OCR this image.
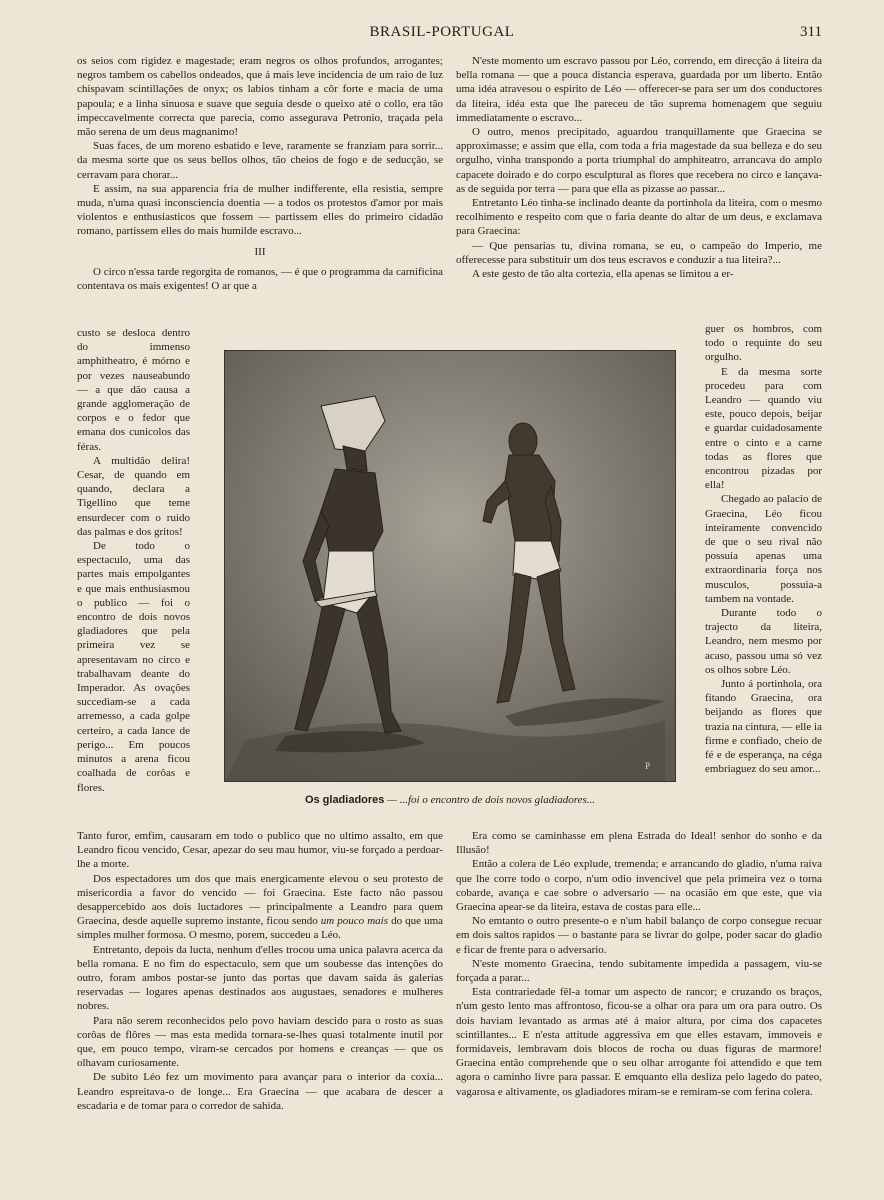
BRASIL-PORTUGAL	311

os seios com rigidez e magestade; eram negros os olhos profundos, arrogantes; negros tambem os cabellos ondeados, que á mais leve incidencia de um raio de luz chispavam scintillações de onyx; os labios tinham a côr forte e macia de uma papoula; e a linha sinuosa e suave que seguia desde o queixo até o collo, era tão impeccavelmente correcta que parecia, como assegurava Petronio, traçada pela mão serena de um deus magnanimo!

Suas faces, de um moreno esbatido e leve, raramente se franziam para sorrir... da mesma sorte que os seus bellos olhos, tão cheios de fogo e de seducção, se cerravam para chorar...

E assim, na sua apparencia fria de mulher indifferente, ella resistia, sempre muda, n'uma quasi inconsciencia doentia — a todos os protestos d'amor por mais violentos e enthusiasticos que fossem — partissem elles do primeiro cidadão romano, partissem elles do mais humilde escravo...

III

O circo n'essa tarde regorgita de romanos, — é que o programma da carnificina contentava os mais exigentes! O ar que a

custo se desloca dentro do immenso amphitheatro, é mórno e por vezes nauseabundo — a que dão causa a grande agglomeração de corpos e o fedor que emana dos cunicolos das féras.

A multidão delira! Cesar, de quando em quando, declara a Tigellino que teme ensurdecer com o ruido das palmas e dos gritos!

De todo o espectaculo, uma das partes mais empolgantes e que mais enthusiasmou o publico — foi o encontro de dois novos gladiadores que pela primeira vez se apresentavam no circo e trabalhavam deante do Imperador. As ovações succediam-se a cada arremesso, a cada golpe certeiro, a cada lance de perigo... Em poucos minutos a arena ficou coalhada de corôas e flores.

P
Os gladiadores — ...foi o encontro de dois novos gladiadores...

Tanto furor, emfim, causaram em todo o publico que no ultimo assalto, em que Leandro ficou vencido, Cesar, apezar do seu mau humor, viu-se forçado a perdoar-lhe a morte.

Dos espectadores um dos que mais energicamente elevou o seu protesto de misericordia a favor do vencido — foi Graecina. Este facto não passou desappercebido aos dois luctadores — principalmente a Leandro para quem Graecina, desde aquelle supremo instante, ficou sendo um pouco mais do que uma simples mulher formosa. O mesmo, porem, succedeu a Léo.

Entretanto, depois da lucta, nenhum d'elles trocou uma unica palavra acerca da bella romana. E no fim do espectaculo, sem que um soubesse das intenções do outro, foram ambos postar-se junto das portas que davam saida ás galerias reservadas — logares apenas destinados aos augustaes, senadores e mulheres nobres.

Para não serem reconhecidos pelo povo haviam descido para o rosto as suas corôas de flôres — mas esta medida tornara-se-lhes quasi totalmente inutil por que, em pouco tempo, viram-se cercados por homens e creanças — que os olhavam curiosamente.

De subito Léo fez um movimento para avançar para o interior da coxia... Leandro espreitava-o de longe... Era Graecina — que acabara de descer a escadaria e de tomar para o corredor de sahida.

N'este momento um escravo passou por Léo, correndo, em direcção á liteira da bella romana — que a pouca distancia esperava, guardada por um liberto. Então uma idéa atravesou o espirito de Léo — offerecer-se para ser um dos conductores da liteira, idéa esta que lhe pareceu de tão suprema homenagem que seguiu immediatamente o escravo...

O outro, menos precipitado, aguardou tranquillamente que Graecina se approximasse; e assim que ella, com toda a fria magestade da sua belleza e do seu orgulho, vinha transpondo a porta triumphal do amphiteatro, arrancava do amplo capacete doirado e do corpo esculptural as flores que recebera no circo e lançava-as de seguida por terra — para que ella as pizasse ao passar...

Entretanto Léo tinha-se inclinado deante da portinhola da liteira, com o mesmo recolhimento e respeito com que o faria deante do altar de um deus, e exclamava para Graecina:

— Que pensarias tu, divina romana, se eu, o campeão do Imperio, me offerecesse para substituir um dos teus escravos e conduzir a tua liteira?...

A este gesto de tão alta cortezia, ella apenas se limitou a er-

guer os hombros, com todo o requinte do seu orgulho.

E da mesma sorte procedeu para com Leandro — quando viu este, pouco depois, beijar e guardar cuidadosamente entre o cinto e a carne todas as flores que encontrou pizadas por ella!

Chegado ao palacio de Graecina, Léo ficou inteiramente convencido de que o seu rival não possuia apenas uma extraordinaria força nos musculos, possuia-a tambem na vontade.

Durante todo o trajecto da liteira, Leandro, nem mesmo por acaso, passou uma só vez os olhos sobre Léo.

Junto á portinhola, ora fitando Graecina, ora beijando as flores que trazia na cintura, — elle ia firme e confiado, cheio de fé e de esperança, na céga embriaguez do seu amor...

Era como se caminhasse em plena Estrada do Ideal! senhor do sonho e da Illusão!

Então a colera de Léo explude, tremenda; e arrancando do gladio, n'uma raiva que lhe corre todo o corpo, n'um odio invencivel que pela primeira vez o torna cobarde, avança e cae sobre o adversario — na ocasião em que este, que via Graecina apear-se da liteira, estava de costas para elle...

No emtanto o outro presente-o e n'um habil balanço de corpo consegue recuar em dois saltos rapidos — o bastante para se livrar do golpe, poder sacar do gladio e ficar de frente para o adversario.

N'este momento Graecina, tendo subitamente impedida a passagem, viu-se forçada a parar...

Esta contrariedade fêl-a tomar um aspecto de rancor; e cruzando os braços, n'um gesto lento mas affrontoso, ficou-se a olhar ora para um ora para outro. Os dois haviam levantado as armas até á maior altura, por cima dos capacetes scintillantes... E n'esta attitude aggressiva em que elles estavam, immoveis e formidaveis, lembravam dois blocos de rocha ou duas figuras de marmore! Graecina então comprehende que o seu olhar arrogante foi attendido e que tem agora o caminho livre para passar. E emquanto ella desliza pelo lagedo do pateo, vagarosa e altivamente, os gladiadores miram-se e remiram-se com ferina colera.
